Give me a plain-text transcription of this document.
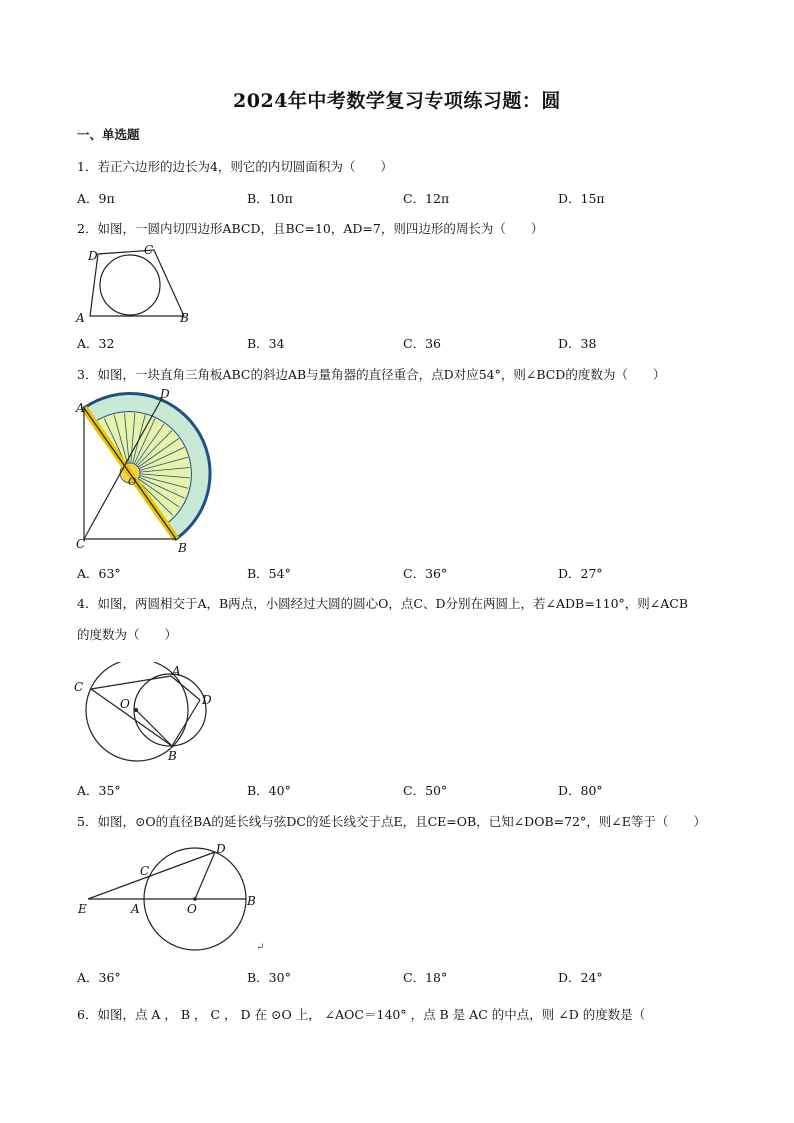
2024年中考数学复习专项练习题：圆
一、单选题
1．若正六边形的边长为4，则它的内切圆面积为（　　）
A．9π	B．10π	C．12π	D．15π
2．如图，一圆内切四边形ABCD，且BC=10，AD=7，则四边形的周长为（　　）
A	B
C
D
A．32	B．34	C．36	D．38
3．如图，一块直角三角板ABC的斜边AB与量角器的直径重合，点D对应54°，则∠BCD的度数为（　　）
A
B
C
D
O
A．63°	B．54°	C．36°	D．27°
4．如图，两圆相交于A，B两点，小圆经过大圆的圆心O，点C、D分别在两圆上，若∠ADB=110°，则∠ACB
的度数为（　　）
C
A
D
B
O
A．35°	B．40°	C．50°	D．80°
5．如图，⊙O的直径BA的延长线与弦DC的延长线交于点E，且CE=OB，已知∠DOB=72°，则∠E等于（　　）
E	A	O
B
C
D
↵
A．36°	B．30°	C．18°	D．24°
6．如图，点 A ， B ， C ， D 在 ⊙O 上， ∠AOC＝140° ，点 B 是 AC 的中点，则 ∠D 的度数是（
